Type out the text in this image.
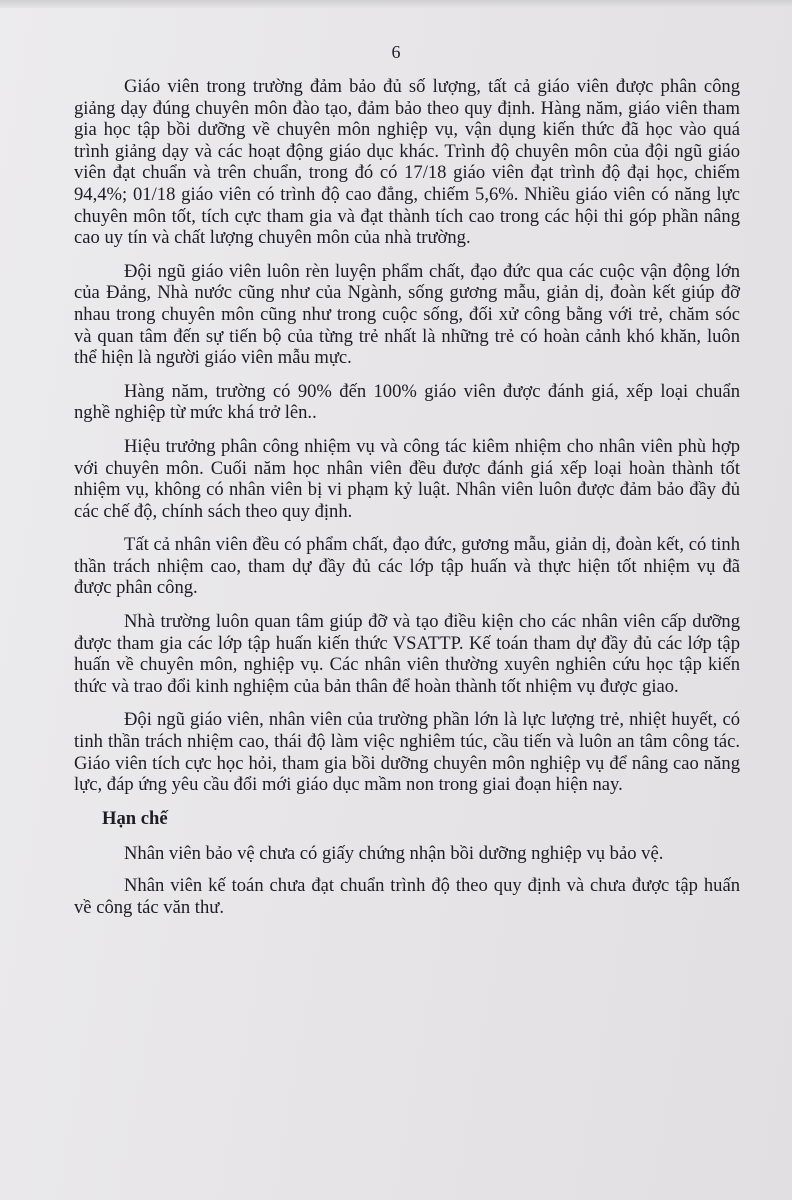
6

Giáo viên trong trường đảm bảo đủ số lượng, tất cả giáo viên được phân công giảng dạy đúng chuyên môn đào tạo, đảm bảo theo quy định. Hàng năm, giáo viên tham gia học tập bồi dưỡng về chuyên môn nghiệp vụ, vận dụng kiến thức đã học vào quá trình giảng dạy và các hoạt động giáo dục khác. Trình độ chuyên môn của đội ngũ giáo viên đạt chuẩn và trên chuẩn, trong đó có 17/18 giáo viên đạt trình độ đại học, chiếm 94,4%; 01/18 giáo viên có trình độ cao đẳng, chiếm 5,6%. Nhiều giáo viên có năng lực chuyên môn tốt, tích cực tham gia và đạt thành tích cao trong các hội thi góp phần nâng cao uy tín và chất lượng chuyên môn của nhà trường.

Đội ngũ giáo viên luôn rèn luyện phẩm chất, đạo đức qua các cuộc vận động lớn của Đảng, Nhà nước cũng như của Ngành, sống gương mẫu, giản dị, đoàn kết giúp đỡ nhau trong chuyên môn cũng như trong cuộc sống, đối xử công bằng với trẻ, chăm sóc và quan tâm đến sự tiến bộ của từng trẻ nhất là những trẻ có hoàn cảnh khó khăn, luôn thể hiện là người giáo viên mẫu mực.

Hàng năm, trường có 90% đến 100% giáo viên được đánh giá, xếp loại chuẩn nghề nghiệp từ mức khá trở lên..

Hiệu trưởng phân công nhiệm vụ và công tác kiêm nhiệm cho nhân viên phù hợp với chuyên môn. Cuối năm học nhân viên đều được đánh giá xếp loại hoàn thành tốt nhiệm vụ, không có nhân viên bị vi phạm kỷ luật. Nhân viên luôn được đảm bảo đầy đủ các chế độ, chính sách theo quy định.

Tất cả nhân viên đều có phẩm chất, đạo đức, gương mẫu, giản dị, đoàn kết, có tinh thần trách nhiệm cao, tham dự đầy đủ các lớp tập huấn và thực hiện tốt nhiệm vụ đã được phân công.

Nhà trường luôn quan tâm giúp đỡ và tạo điều kiện cho các nhân viên cấp dưỡng được tham gia các lớp tập huấn kiến thức VSATTP. Kế toán tham dự đầy đủ các lớp tập huấn về chuyên môn, nghiệp vụ. Các nhân viên thường xuyên nghiên cứu học tập kiến thức và trao đổi kinh nghiệm của bản thân để hoàn thành tốt nhiệm vụ được giao.

Đội ngũ giáo viên, nhân viên của trường phần lớn là lực lượng trẻ, nhiệt huyết, có tinh thần trách nhiệm cao, thái độ làm việc nghiêm túc, cầu tiến và luôn an tâm công tác. Giáo viên tích cực học hỏi, tham gia bồi dưỡng chuyên môn nghiệp vụ để nâng cao năng lực, đáp ứng yêu cầu đổi mới giáo dục mầm non trong giai đoạn hiện nay.

Hạn chế

Nhân viên bảo vệ chưa có giấy chứng nhận bồi dưỡng nghiệp vụ bảo vệ.

Nhân viên kế toán chưa đạt chuẩn trình độ theo quy định và chưa được tập huấn về công tác văn thư.
